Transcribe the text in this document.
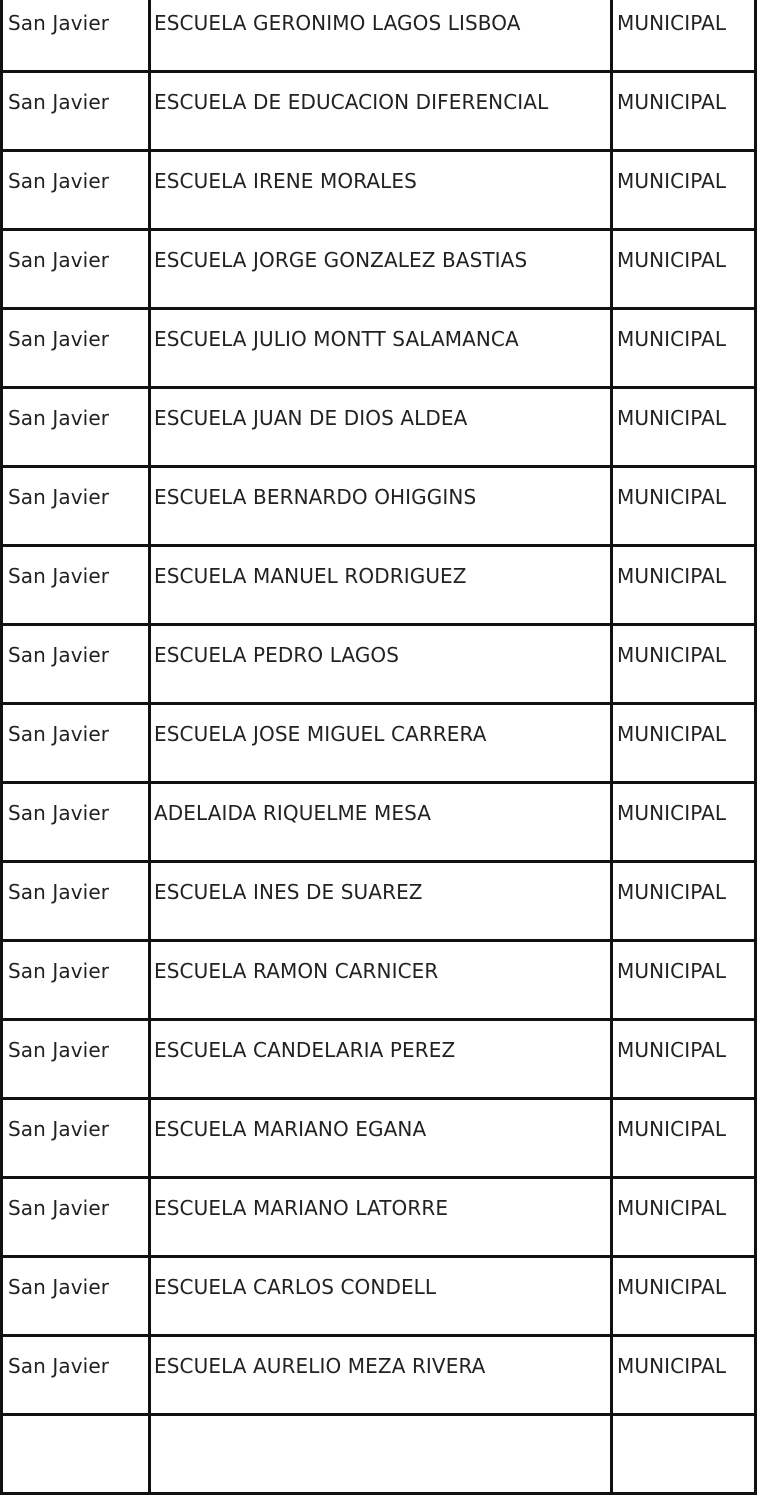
San Javier	ESCUELA GERONIMO LAGOS LISBOA	MUNICIPAL
San Javier	ESCUELA DE EDUCACION DIFERENCIAL	MUNICIPAL
San Javier	ESCUELA IRENE MORALES	MUNICIPAL
San Javier	ESCUELA JORGE GONZALEZ BASTIAS	MUNICIPAL
San Javier	ESCUELA JULIO MONTT SALAMANCA	MUNICIPAL
San Javier	ESCUELA JUAN DE DIOS ALDEA	MUNICIPAL
San Javier	ESCUELA BERNARDO OHIGGINS	MUNICIPAL
San Javier	ESCUELA MANUEL RODRIGUEZ	MUNICIPAL
San Javier	ESCUELA PEDRO LAGOS	MUNICIPAL
San Javier	ESCUELA JOSE MIGUEL CARRERA	MUNICIPAL
San Javier	ADELAIDA RIQUELME MESA	MUNICIPAL
San Javier	ESCUELA INES DE SUAREZ	MUNICIPAL
San Javier	ESCUELA RAMON CARNICER	MUNICIPAL
San Javier	ESCUELA CANDELARIA PEREZ	MUNICIPAL
San Javier	ESCUELA MARIANO EGANA	MUNICIPAL
San Javier	ESCUELA MARIANO LATORRE	MUNICIPAL
San Javier	ESCUELA CARLOS CONDELL	MUNICIPAL
San Javier	ESCUELA AURELIO MEZA RIVERA	MUNICIPAL
